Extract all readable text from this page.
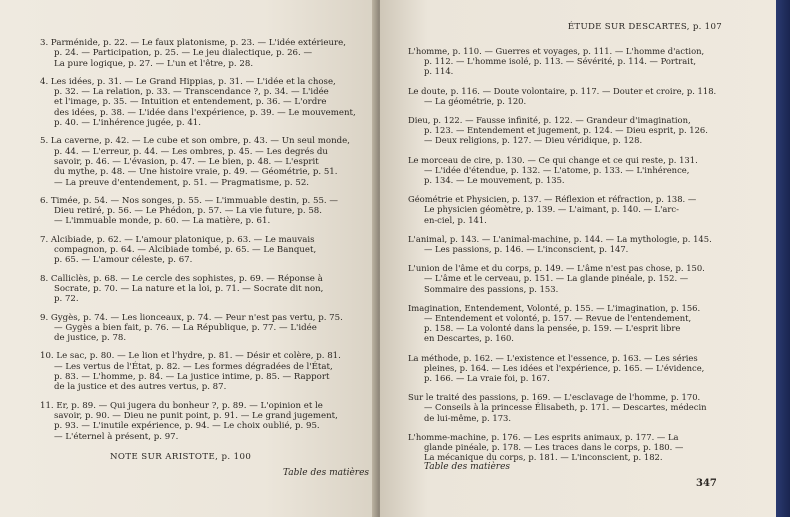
3. Parménide, p. 22. — Le faux platonisme, p. 23. — L'idée extérieure,
p. 24. — Participation, p. 25. — Le jeu dialectique, p. 26. —
La pure logique, p. 27. — L'un et l'être, p. 28.
4. Les idées, p. 31. — Le Grand Hippias, p. 31. — L'idée et la chose,
p. 32. — La relation, p. 33. — Transcendance ?, p. 34. — L'idée
et l'image, p. 35. — Intuition et entendement, p. 36. — L'ordre
des idées, p. 38. — L'idée dans l'expérience, p. 39. — Le mouvement,
p. 40. — L'inhérence jugée, p. 41.
5. La caverne, p. 42. — Le cube et son ombre, p. 43. — Un seul monde,
p. 44. — L'erreur, p. 44. — Les ombres, p. 45. — Les degrés du
savoir, p. 46. — L'évasion, p. 47. — Le bien, p. 48. — L'esprit
du mythe, p. 48. — Une histoire vraie, p. 49. — Géométrie, p. 51.
— La preuve d'entendement, p. 51. — Pragmatisme, p. 52.
6. Timée, p. 54. — Nos songes, p. 55. — L'immuable destin, p. 55. —
Dieu retiré, p. 56. — Le Phédon, p. 57. — La vie future, p. 58.
— L'immuable monde, p. 60. — La matière, p. 61.
7. Alcibiade, p. 62. — L'amour platonique, p. 63. — Le mauvais
compagnon, p. 64. — Alcibiade tombé, p. 65. — Le Banquet,
p. 65. — L'amour céleste, p. 67.
8. Calliclès, p. 68. — Le cercle des sophistes, p. 69. — Réponse à
Socrate, p. 70. — La nature et la loi, p. 71. — Socrate dit non,
p. 72.
9. Gygès, p. 74. — Les lionceaux, p. 74. — Peur n'est pas vertu, p. 75.
— Gygès a bien fait, p. 76. — La République, p. 77. — L'idée
de justice, p. 78.
10. Le sac, p. 80. — Le lion et l'hydre, p. 81. — Désir et colère, p. 81.
— Les vertus de l'État, p. 82. — Les formes dégradées de l'État,
p. 83. — L'homme, p. 84. — La justice intime, p. 85. — Rapport
de la justice et des autres vertus, p. 87.
11. Er, p. 89. — Qui jugera du bonheur ?, p. 89. — L'opinion et le
savoir, p. 90. — Dieu ne punit point, p. 91. — Le grand jugement,
p. 93. — L'inutile expérience, p. 94. — Le choix oublié, p. 95.
— L'éternel à présent, p. 97.
NOTE SUR ARISTOTE, p. 100
Table des matières
ÉTUDE SUR DESCARTES, p. 107
L'homme, p. 110. — Guerres et voyages, p. 111. — L'homme d'action,
p. 112. — L'homme isolé, p. 113. — Sévérité, p. 114. — Portrait,
p. 114.
Le doute, p. 116. — Doute volontaire, p. 117. — Douter et croire, p. 118.
— La géométrie, p. 120.
Dieu, p. 122. — Fausse infinité, p. 122. — Grandeur d'imagination,
p. 123. — Entendement et jugement, p. 124. — Dieu esprit, p. 126.
— Deux religions, p. 127. — Dieu véridique, p. 128.
Le morceau de cire, p. 130. — Ce qui change et ce qui reste, p. 131.
— L'idée d'étendue, p. 132. — L'atome, p. 133. — L'inhérence,
p. 134. — Le mouvement, p. 135.
Géométrie et Physicien, p. 137. — Réflexion et réfraction, p. 138. —
Le physicien géomètre, p. 139. — L'aimant, p. 140. — L'arc-
en-ciel, p. 141.
L'animal, p. 143. — L'animal-machine, p. 144. — La mythologie, p. 145.
— Les passions, p. 146. — L'inconscient, p. 147.
L'union de l'âme et du corps, p. 149. — L'âme n'est pas chose, p. 150.
— L'âme et le cerveau, p. 151. — La glande pinéale, p. 152. —
Sommaire des passions, p. 153.
Imagination, Entendement, Volonté, p. 155. — L'imagination, p. 156.
— Entendement et volonté, p. 157. — Revue de l'entendement,
p. 158. — La volonté dans la pensée, p. 159. — L'esprit libre
en Descartes, p. 160.
La méthode, p. 162. — L'existence et l'essence, p. 163. — Les séries
pleines, p. 164. — Les idées et l'expérience, p. 165. — L'évidence,
p. 166. — La vraie foi, p. 167.
Sur le traité des passions, p. 169. — L'esclavage de l'homme, p. 170.
— Conseils à la princesse Élisabeth, p. 171. — Descartes, médecin
de lui-même, p. 173.
L'homme-machine, p. 176. — Les esprits animaux, p. 177. — La
glande pinéale, p. 178. — Les traces dans le corps, p. 180. —
La mécanique du corps, p. 181. — L'inconscient, p. 182.
Table des matières
347
